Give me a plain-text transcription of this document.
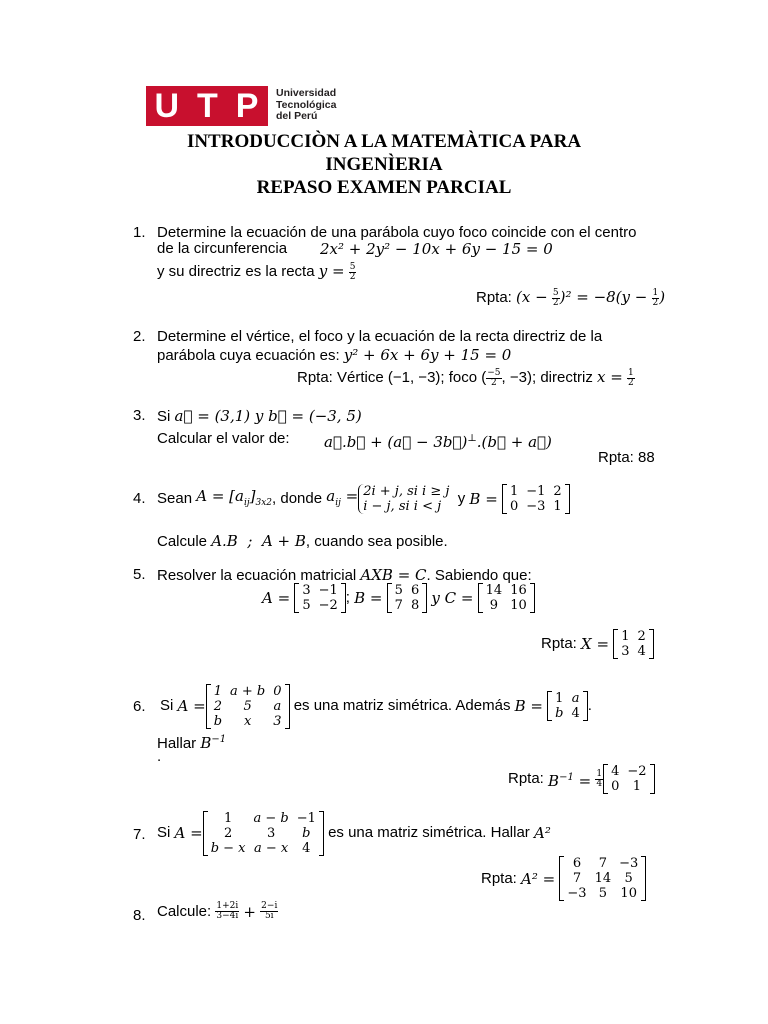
U T P Universidad
Tecnológica
del Perú
INTRODUCCIÒN A LA MATEMÀTICA PARA
INGENÌERIA
REPASO EXAMEN PARCIAL
1. Determine la ecuación de una parábola cuyo foco coincide con el centro
de la circunferencia 2x² + 2y² − 10x + 6y − 15 = 0
y su directriz es la recta $y = \frac{5}{2}$
Rpta: $(x - \frac{5}{2} )^2 = -8(y - \frac{1}{2}$ )
2. Determine el vértice, el foco y la ecuación de la recta directriz de la
parábola cuya ecuación es: y² + 6x + 6y + 15 = 0
Rpta: Vértice (−1, −3); foco ( $\frac{-5}{2}$ , −3); directriz $x = \frac{1}{2}$
3. Si a⃗ = (3,1) y b⃗ = (−3, 5)
Calcular el valor de: a⃗.b⃗ + (a⃗ − 3b⃗)⊥.(b⃗ + a⃗)
Rpta: 88
4. Sean
$A = [a_{ij}]_{3x2}$ , donde
$a_{ij} = 2i + j$, si i ≥ j
i − j, si i < j
	y
B =
1	−1	2
0	−3	1
Calcule A.B  ;  A + B, cuando sea posible.
5. Resolver la ecuación matricial AXB = C. Sabiendo que:
A =
3	−1
5	−2 ; B =
5	6
7	8
y C =
14	16
9	10
Rpta:
X =
1	2
3	4
6. Si
A =
1	a + b	0
2	5	a
b	x	3

es una matriz simétrica. Además
B =
1	a
b	4 .
Hallar $B^{-1}$
.
Rpta:
$B^{-1}$ =
$\frac{1}{4} 4$	−2
0	1
7. Si
A =
1	a − b	−1
2	3	b
b − x	a − x	4

es una matriz simétrica. Hallar
A²
Rpta:
A² =

6	7	−3
7	14	5
−3	5	10
8. Calcule:
$\frac{1+2i}{3-4i}$
+
$\frac{2-i}{5i}$
